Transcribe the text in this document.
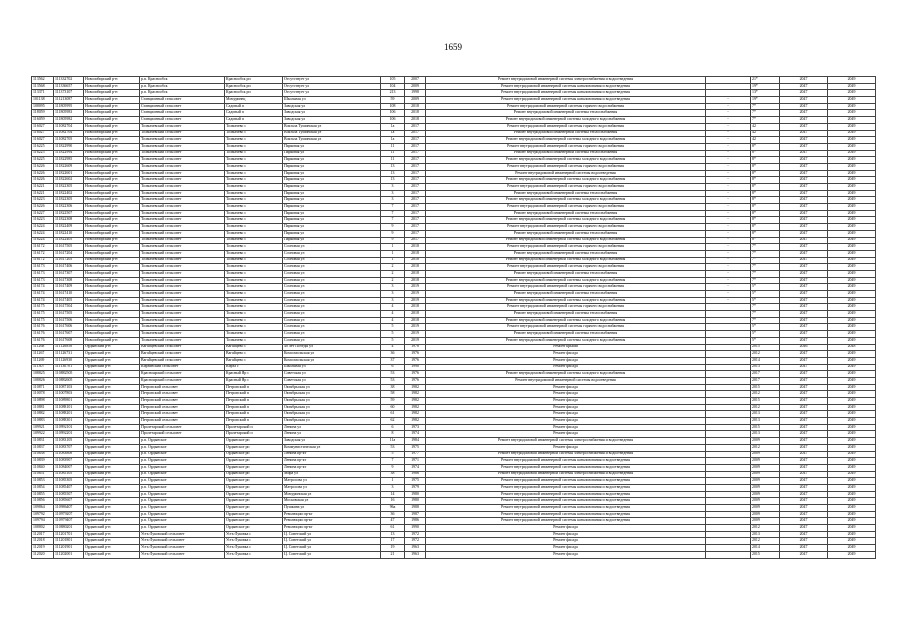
1659
113562	111332702	Новосибирский р-н	р.п. Краснообск	Краснообск рп	Отсутствует ул	105	2007	Ремонт внутридомовой инженерной системы электроснабжения и водоотведения		21*	2047	2049
113568	111336657	Новосибирский р-н	р.п. Краснообск	Краснообск рп	Отсутствует ул	104	2009	Ремонт внутридомовой инженерной системы канализования и водоотведения		19*	2047	2049
113371	111373107	Новосибирский р-н	р.п. Краснообск	Краснообск рп	Отсутствует ул	213	1998	Ремонт внутридомовой инженерной системы канализования и водоотведения		13*	2047	2049
101138	111213087	Новосибирский р-н	Станционный сельсовет	Мичуринец	Школьная ул	59	2009	Ремонт внутридомовой инженерной системы канализования и водоотведения	-	19*	2047	2049
108095	111805995	Новосибирский р-н	Станционный сельсовет	Садовый п	Заводская ул	108	2018	Ремонт внутридомовой инженерной системы горячего водоснабжения	-	7*	2047	2049
118059	111805983	Новосибирский р-н	Станционный сельсовет	Садовый п	Заводская ул	106	2018	Ремонт внутридомовой инженерной системы теплоснабжения	-	7*	2047	2049
116059	111805982	Новосибирский р-н	Станционный сельсовет	Садовый п	Заводская ул	106	2018	Ремонт внутридомовой инженерной системы холодного водоснабжения	-	7*	2047	2049
116027	111082704	Новосибирский р-н	Толмачевский сельсовет	Толмачево с	Вокзала Тушинская ул	1а	2017	Ремонт внутридомовой инженерной системы горячего водоснабжения	-	42	2047	2049
116027	111082704	Новосибирский р-н	Толмачевский сельсовет	Толмачево с	Вокзала Тушинская ул	1а	2017	Ремонт внутридомовой инженерной системы теплоснабжения	-	42	2047	2049
116027	111082705	Новосибирский р-н	Толмачевский сельсовет	Толмачево с	Вокзала Тушинская ул	1а	2017	Ремонт внутридомовой инженерной системы холодного водоснабжения	-	42	2047	2049
116225	111822990	Новосибирский р-н	Толмачевский сельсовет	Толмачево с	Парковая ул	11	2017	Ремонт внутридомовой инженерной системы горячего водоснабжения	-	8*	2047	2049
116225	111822994	Новосибирский р-н	Толмачевский сельсовет	Толмачево с	Парковая ул	11	2017	Ремонт внутридомовой инженерной системы теплоснабжения	-	8*	2047	2049
116225	111822985	Новосибирский р-н	Толмачевский сельсовет	Толмачево с	Парковая ул	11	2017	Ремонт внутридомовой инженерной системы холодного водоснабжения	-	8*	2047	2049
116226	111822609	Новосибирский р-н	Толмачевский сельсовет	Толмачево с	Парковая ул	13	2017	Ремонт внутридомовой инженерной системы горячего водоснабжения	-	8*	2047	2049
116226	111822601	Новосибирский р-н	Толмачевский сельсовет	Толмачево с	Парковая ул	13	2017	Ремонт внутридомовой инженерной системы водоотведения	-	8*	2047	2049
116226	111822602	Новосибирский р-н	Толмачевский сельсовет	Толмачево с	Парковая ул	13	2017	Ремонт внутридомовой инженерной системы холодного водоснабжения	-	8*	2047	2049
116221	111822305	Новосибирский р-н	Толмачевский сельсовет	Толмачево с	Парковая ул	3	2017	Ремонт внутридомовой инженерной системы горячего водоснабжения	-	8*	2047	2049
116221	111822402	Новосибирский р-н	Толмачевский сельсовет	Толмачево с	Парковая ул	3	2017	Ремонт внутридомовой инженерной системы теплоснабжения	-	8*	2047	2049
116223	111822305	Новосибирский р-н	Толмачевский сельсовет	Толмачево с	Парковая ул	3	2017	Ремонт внутридомовой инженерной системы холодного водоснабжения	-	8*	2047	2049
116226	111822306	Новосибирский р-н	Толмачевский сельсовет	Толмачево с	Парковая ул	7	2017	Ремонт внутридомовой инженерной системы горячего водоснабжения	-	8*	2047	2049
116227	111822507	Новосибирский р-н	Толмачевский сельсовет	Толмачево с	Парковая ул	7	2017	Ремонт внутридомовой инженерной системы теплоснабжения	-	8*	2047	2049
116223	111822308	Новосибирский р-н	Толмачевский сельсовет	Толмачево с	Парковая ул	7	2017	Ремонт внутридомовой инженерной системы холодного водоснабжения	-	8*	2047	2049
116224	111822409	Новосибирский р-н	Толмачевский сельсовет	Толмачево с	Парковая ул	9	2017	Ремонт внутридомовой инженерной системы горячего водоснабжения	-	8*	2047	2049
116224	111822410	Новосибирский р-н	Толмачевский сельсовет	Толмачево с	Парковая ул	9	2017	Ремонт внутридомовой инженерной системы теплоснабжения	-	8*	2047	2049
116224	111822405	Новосибирский р-н	Толмачевский сельсовет	Толмачево с	Парковая ул	9	2017	Ремонт внутридомовой инженерной системы холодного водоснабжения	-	8*	2047	2049
116172	111617505	Новосибирский р-н	Толмачевский сельсовет	Толмачево с	Сосновая ул	1	2018	Ремонт внутридомовой инженерной системы горячего водоснабжения	-	7*	2047	2049
116172	111617204	Новосибирский р-н	Толмачевский сельсовет	Толмачево с	Сосновая ул	1	2018	Ремонт внутридомовой инженерной системы теплоснабжения	-	7*	2047	2049
116172	111617205	Новосибирский р-н	Толмачевский сельсовет	Толмачево с	Сосновая ул	1	2018	Ремонт внутридомовой инженерной системы холодного водоснабжения	-	7*	2047	2049
116173	111617406	Новосибирский р-н	Толмачевский сельсовет	Толмачево с	Сосновая ул	2	2018	Ремонт внутридомовой инженерной системы горячего водоснабжения	-	7*	2047	2049
116173	111617307	Новосибирский р-н	Толмачевский сельсовет	Толмачево с	Сосновая ул	2	2018	Ремонт внутридомовой инженерной системы теплоснабжения	-	7*	2047	2049
116173	111617308	Новосибирский р-н	Толмачевский сельсовет	Толмачево с	Сосновая ул	2	2018	Ремонт внутридомовой инженерной системы холодного водоснабжения	-	7*	2047	2049
116174	111617409	Новосибирский р-н	Толмачевский сельсовет	Толмачево с	Сосновая ул	3	2019	Ремонт внутридомовой инженерной системы горячего водоснабжения	-	5*	2047	2049
116174	111617410	Новосибирский р-н	Толмачевский сельсовет	Толмачево с	Сосновая ул	3	2019	Ремонт внутридомовой инженерной системы теплоснабжения	-	5*	2047	2049
116174	111617405	Новосибирский р-н	Толмачевский сельсовет	Толмачево с	Сосновая ул	3	2019	Ремонт внутридомовой инженерной системы холодного водоснабжения	-	5*	2047	2049
116175	111617504	Новосибирский р-н	Толмачевский сельсовет	Толмачево с	Сосновая ул	4	2018	Ремонт внутридомовой инженерной системы горячего водоснабжения		7*	2047	2049
116175	111617505	Новосибирский р-н	Толмачевский сельсовет	Толмачево с	Сосновая ул	4	2018	Ремонт внутридомовой инженерной системы теплоснабжения		7*	2047	2049
116175	111617506	Новосибирский р-н	Толмачевский сельсовет	Толмачево с	Сосновая ул	4	2018	Ремонт внутридомовой инженерной системы холодного водоснабжения		7*	2047	2049
116176	111617606	Новосибирский р-н	Толмачевский сельсовет	Толмачево с	Сосновая ул	5	2019	Ремонт внутридомовой инженерной системы горячего водоснабжения		5*	2047	2049
116176	111617607	Новосибирский р-н	Толмачевский сельсовет	Толмачево с	Сосновая ул	5	2019	Ремонт внутридомовой инженерной системы теплоснабжения		5*	2047	2049
116176	111617608	Новосибирский р-н	Толмачевский сельсовет	Толмачево с	Сосновая ул	5	2019	Ремонт внутридомовой инженерной системы холодного водоснабжения		5*	2047	2049
111268	111126858	Ордынский р-н	Вагайцевский сельсовет	Вагайцево с	40 лет Победы ул	4	1978	Ремонт крыши		2015	2046	2048
111267	111126731	Ордынский р-н	Вагайцевский сельсовет	Вагайцево с	Комсомольская ул	36	1976	Ремонт фасада		2012	2047	2049
111269	111126930	Ордынский р-н	Вагайцевский сельсовет	Вагайцево с	Комсомольская ул	37	1976	Ремонт фасада		2014	2047	2049
111307	111130701	Ордынский р-н	Кирзинский сельсовет	Кирза с	Школьная ул	6	1990	Ремонт фасада		2013	2047	2049
108825	110882505	Ордынский р-н	Красноярский сельсовет	Красный Яр с	Советская ул	53	1976	Ремонт внутридомовой инженерной системы холодного водоснабжения		2017	2047	2049
108826	110882605	Ордынский р-н	Красноярский сельсовет	Красный Яр с	Советская ул	53	1976	Ремонт внутридомовой инженерной системы водоотведения		2017	2047	2049
110871	111087103	Ордынский р-н	Петровский сельсовет	Петровский п	Октябрьская ул	38	1982	Ремонт фасада		2015	2047	2049
110078	111007803	Ордынский р-н	Петровский сельсовет	Петровский п	Октябрьская ул	58	1982	Ремонт фасада		2012	2047	2049
110898	111089801	Ордынский р-н	Петровский сельсовет	Петровский п	Октябрьская ул	59	1982	Ремонт фасада		2015	2047	2049
110881	111088101	Ордынский р-н	Петровский сельсовет	Петровский п	Октябрьская ул	60	1982	Ремонт фасада		2012	2047	2049
110882	111088201	Ордынский р-н	Петровский сельсовет	Петровский п	Октябрьская ул	61	1982	Ремонт фасада		2013	2047	2049
110883	111088301	Ордынский р-н	Петровский сельсовет	Петровский п	Октябрьская ул	62	1982	Ремонт фасада		2013	2047	2049
109921	110992101	Ордынский р-н	Пролетарский сельсовет	Пролетарский п	Ленина ул	6	1973	Ремонт фасада		2015	2047	2049
109922	110992201	Ордынский р-н	Пролетарский сельсовет	Пролетарский п	Ленина ул	8	1974	Ремонт фасада		2013	2047	2049
110831	111083105	Ордынский р-н	р.п. Ордынское	Ордынское рп	Заводская ул	11а	1984	Ремонт внутридомовой инженерной системы электроснабжения и водоотведения		2009	2047	2049
110837	111083707	Ордынский р-н	р.п. Ордынское	Ордынское рп	Коммунистическая ул	53	1975	Ремонт фасада		2012	2047	2049
110838	111083808	Ордынский р-н	р.п. Ордынское	Ордынское рп	Ленина пр-кт	5	1977	Ремонт внутридомовой инженерной системы электроснабжения и водоотведения		2009	2047	2049
110839	111083907	Ордынский р-н	р.п. Ордынское	Ордынское рп	Ленина пр-кт	7	1971	Ремонт внутридомовой инженерной системы канализования и водоотведения		2009	2047	2049
110840	111084007	Ордынский р-н	р.п. Ордынское	Ордынское рп	Ленина пр-кт	9	1974	Ремонт внутридомовой инженерной системы канализования и водоотведения		2009	2047	2049
110851	111085105	Ордынский р-н	р.п. Ордынское	Ордынское рп	Мира ул	38	1986	Ремонт внутридомовой инженерной системы электроснабжения и водоотведения		2009	2047	2049
110853	111085305	Ордынский р-н	р.п. Ордынское	Ордынское рп	Матросова ул	1	1975	Ремонт внутридомовой инженерной системы канализования и водоотведения		2009	2047	2049
110854	111085407	Ордынский р-н	р.п. Ордынское	Ордынское рп	Матросова ул	3	1979	Ремонт внутридомовой инженерной системы канализования и водоотведения		2009	2047	2049
110855	111085507	Ордынский р-н	р.п. Ордынское	Ордынское рп	Мичуринская ул	14	1980	Ремонт внутридомовой инженерной системы канализования и водоотведения		2009	2047	2049
110856	111085607	Ордынский р-н	р.п. Ордынское	Ордынское рп	Московская ул	16	1980	Ремонт внутридомовой инженерной системы канализования и водоотведения		2009	2047	2049
109864	110986407	Ордынский р-н	р.п. Ордынское	Ордынское рп	Пушкина ул	96а	1988	Ремонт внутридомовой инженерной системы канализования и водоотведения		2009	2047	2049
109792	110979207	Ордынский р-н	р.п. Ордынское	Ордынское рп	Революции пр-кт	36	1987	Ремонт внутридомовой инженерной системы канализования и водоотведения		2009	2047	2049
109794	110979407	Ордынский р-н	р.п. Ордынское	Ордынское рп	Революции пр-кт	47	1986	Ремонт внутридомовой инженерной системы канализования и водоотведения		2009	2047	2049
108802	110880201	Ордынский р-н	р.п. Ордынское	Ордынское рп	Революции пр-кт	61	1990	Ремонт фасада		2012	2047	2049
112017	111201701	Ордынский р-н	Усть-Луковский сельсовет	Усть-Луковка с	Ц. Советский ул	13	1972	Ремонт фасада		2013	2047	2049
112018	111201801	Ордынский р-н	Усть-Луковский сельсовет	Усть-Луковка с	Ц. Советский ул	17	1972	Ремонт фасада		2012	2047	2049
112019	111201901	Ордынский р-н	Усть-Луковский сельсовет	Усть-Луковка с	Ц. Советский ул	19	1963	Ремонт фасада		2014	2047	2049
112020	111202001	Ордынский р-н	Усть-Луковский сельсовет	Усть-Луковка с	Ц. Советский ул	21	1963	Ремонт фасада		2015	2047	2049
